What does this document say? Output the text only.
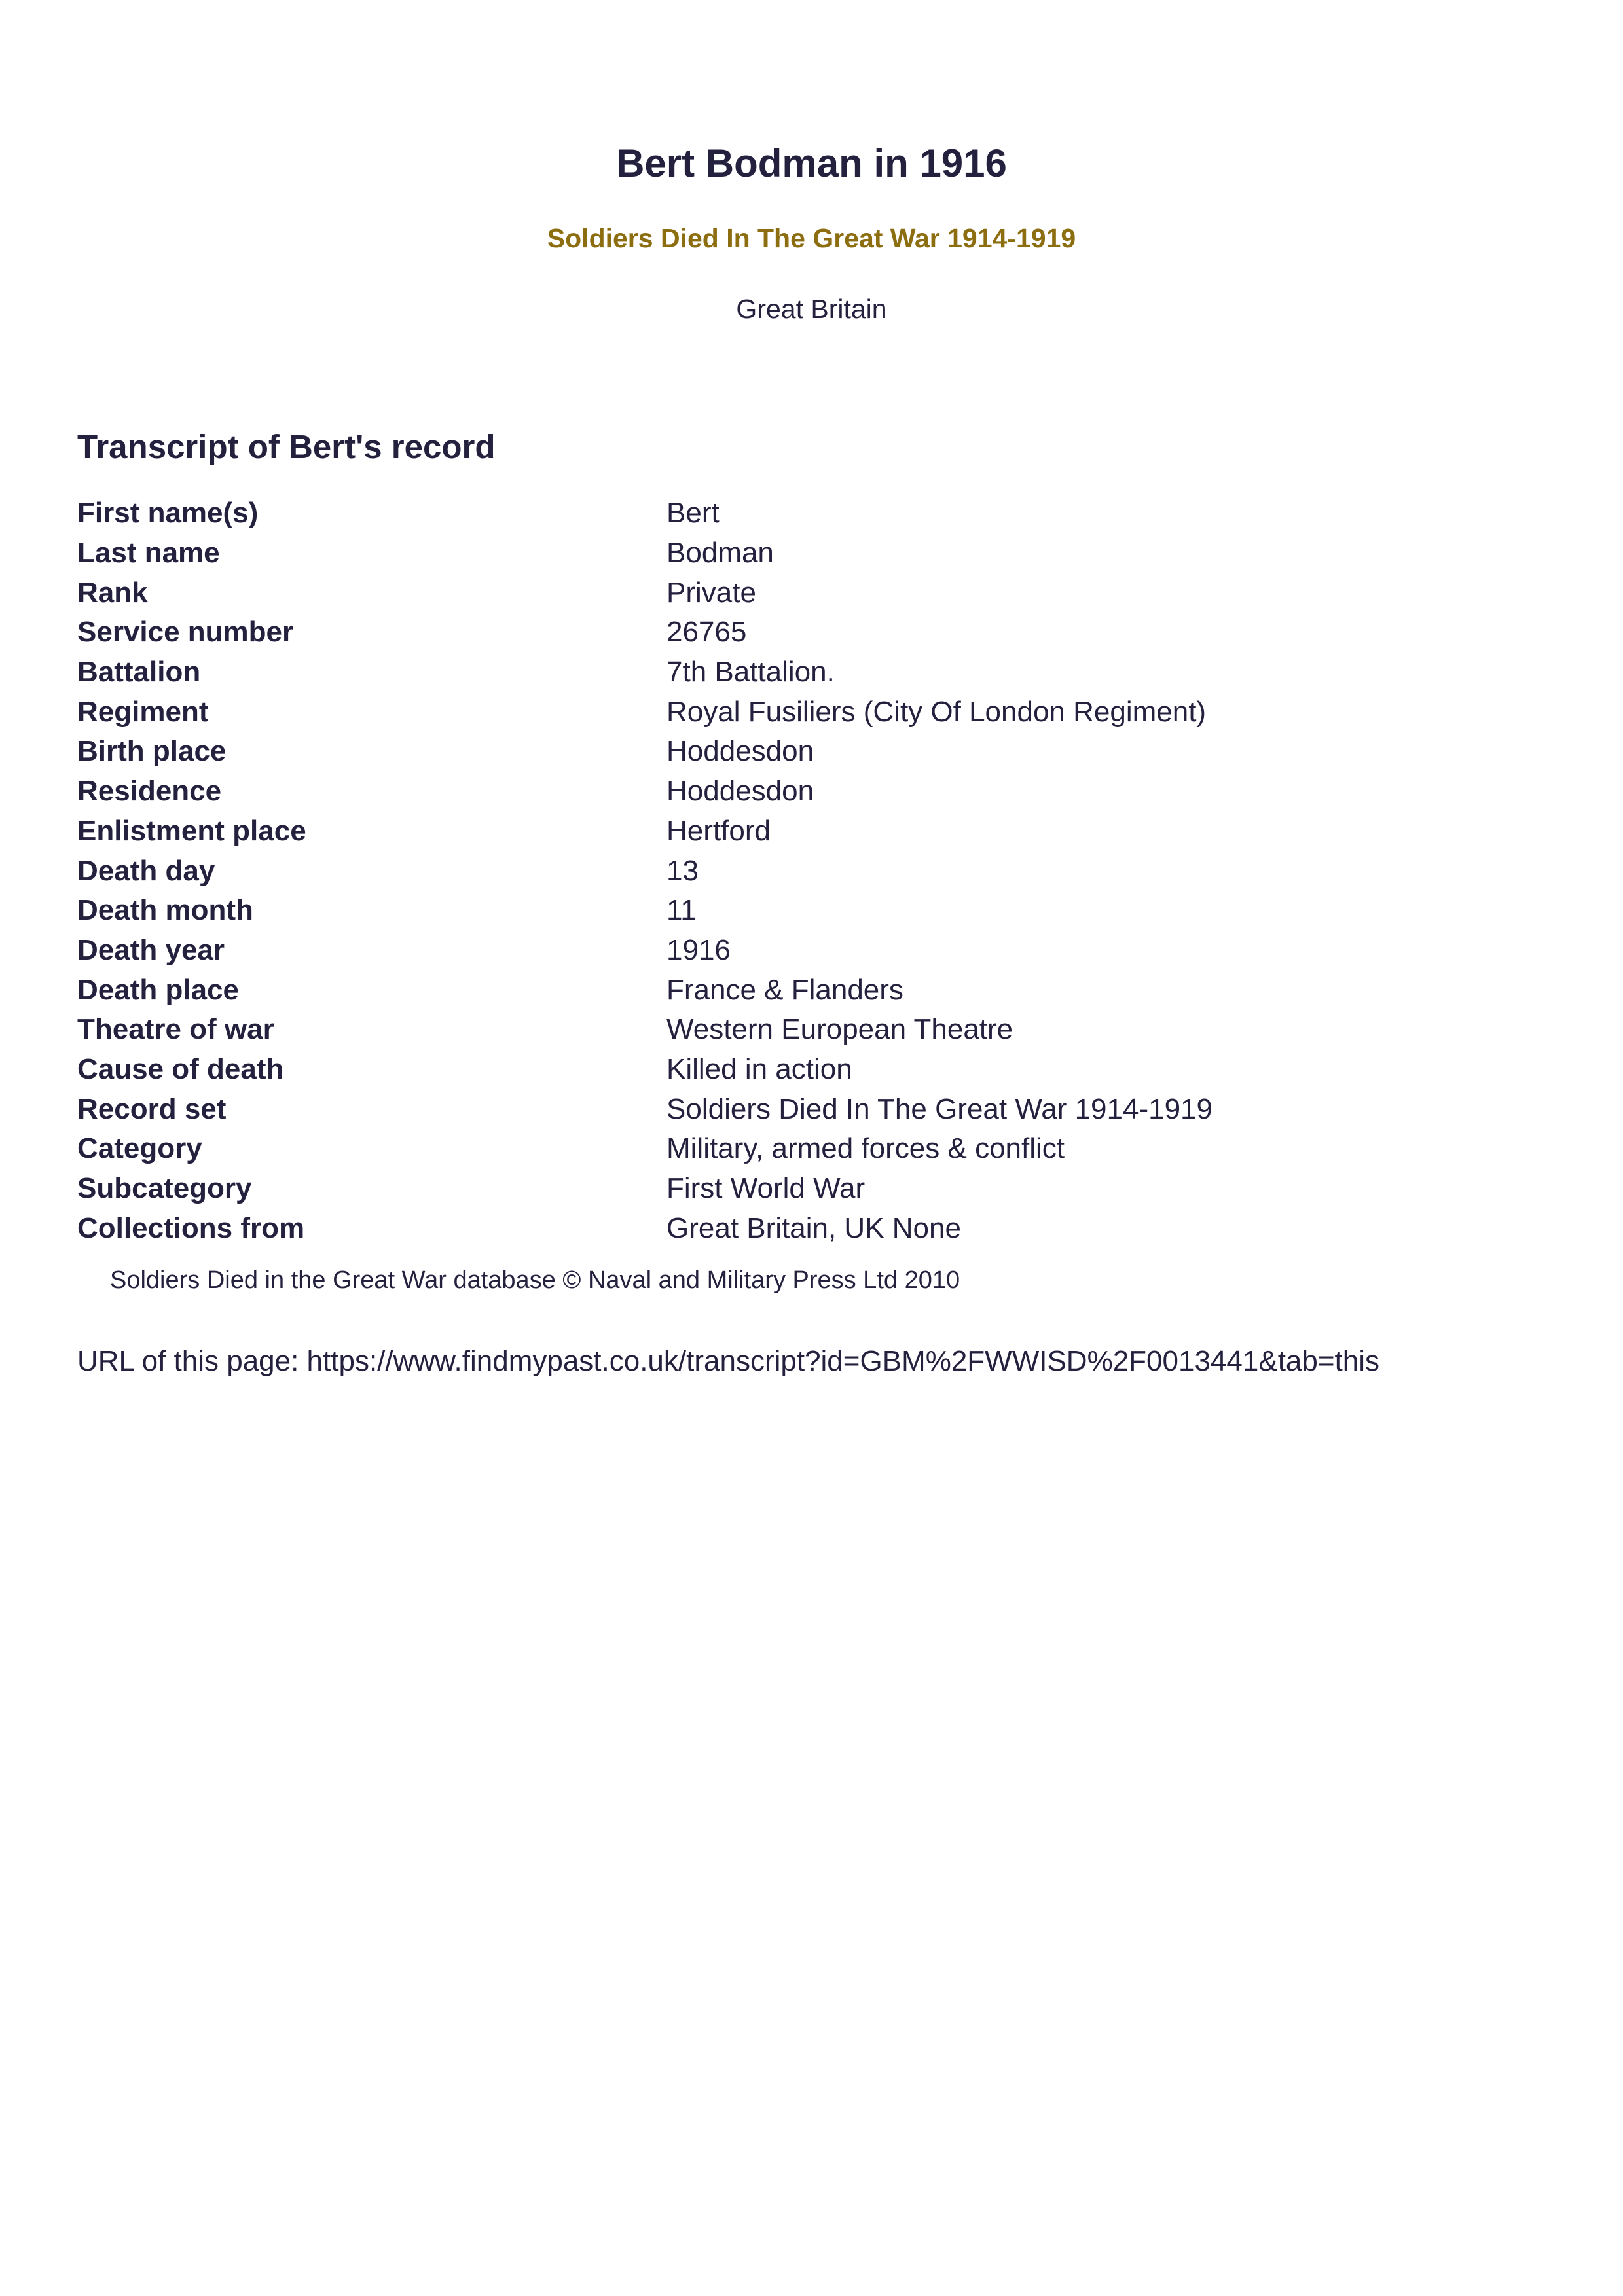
Bert Bodman in 1916
Soldiers Died In The Great War 1914-1919
Great Britain
Transcript of Bert's record
First name(s)	Bert
Last name	Bodman
Rank	Private
Service number	26765
Battalion	7th Battalion.
Regiment	Royal Fusiliers (City Of London Regiment)
Birth place	Hoddesdon
Residence	Hoddesdon
Enlistment place	Hertford
Death day	13
Death month	11
Death year	1916
Death place	France & Flanders
Theatre of war	Western European Theatre
Cause of death	Killed in action
Record set	Soldiers Died In The Great War 1914-1919
Category	Military, armed forces & conflict
Subcategory	First World War
Collections from	Great Britain, UK None
Soldiers Died in the Great War database © Naval and Military Press Ltd 2010
URL of this page: https://www.findmypast.co.uk/transcript?id=GBM%2FWWISD%2F0013441&tab=this
